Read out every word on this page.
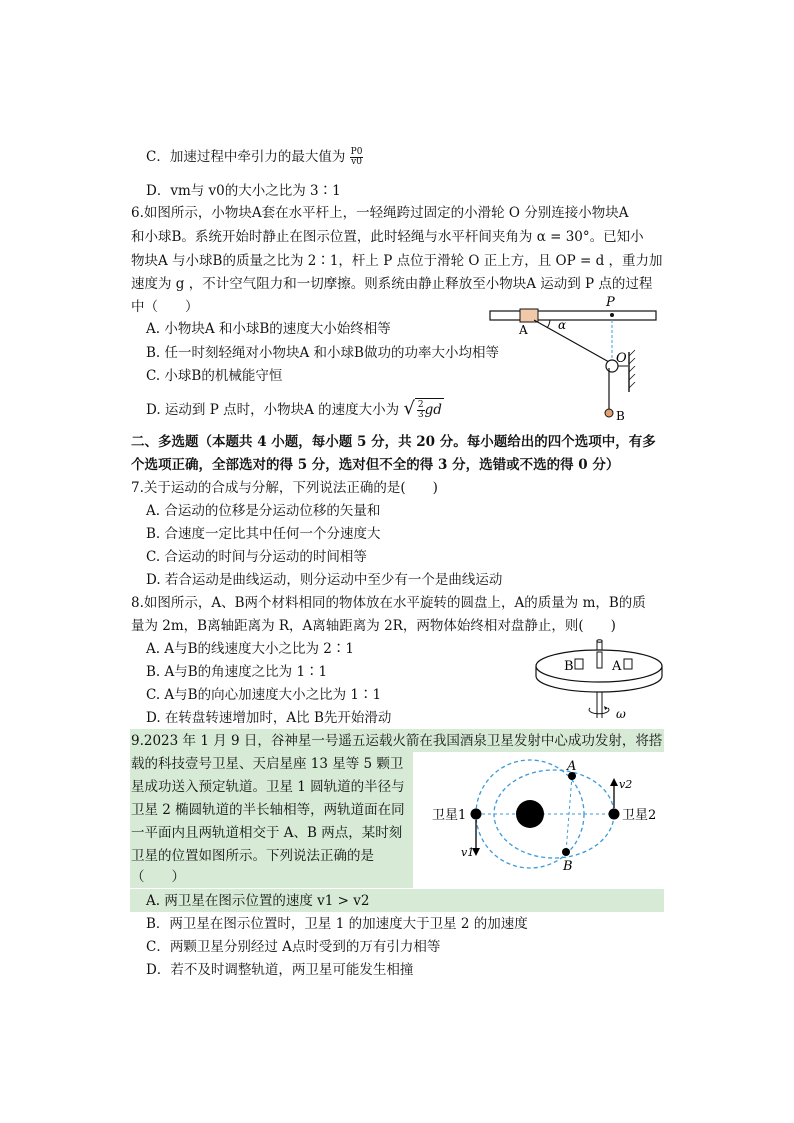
C．加速过程中牵引力的最大值为 $\frac{P0}{v0}$
D．vm与 v0的大小之比为 3∶1
6.如图所示，小物块A套在水平杆上，一轻绳跨过固定的小滑轮 O 分别连接小物块A
和小球B。系统开始时静止在图示位置，此时轻绳与水平杆间夹角为 α = 30°。已知小
物块A 与小球B的质量之比为 2∶1，杆上 P 点位于滑轮 O 正上方，且 OP = d ，重力加
速度为 g ，不计空气阻力和一切摩擦。则系统由静止释放至小物块A 运动到 P 点的过程
中（　　）
A. 小物块A 和小球B的速度大小始终相等
B. 任一时刻轻绳对小物块A 和小球B做功的功率大小均相等
C. 小球B的机械能守恒
D. 运动到 P 点时，小物块A 的速度大小为 √ $\frac{2}{3}$ gd
A	α
P
O
B
二、多选题（本题共 4 小题，每小题 5 分，共 20 分。每小题给出的四个选项中，有多
个选项正确，全部选对的得 5 分，选对但不全的得 3 分，选错或不选的得 0 分）
7.关于运动的合成与分解，下列说法正确的是(　　)
A. 合运动的位移是分运动位移的矢量和
B. 合速度一定比其中任何一个分速度大
C. 合运动的时间与分运动的时间相等
D. 若合运动是曲线运动，则分运动中至少有一个是曲线运动
8.如图所示，A、B两个材料相同的物体放在水平旋转的圆盘上，A的质量为 m，B的质
量为 2m，B离轴距离为 R，A离轴距离为 2R，两物体始终相对盘静止，则(　　)
A. A与B的线速度大小之比为 2∶1
B. A与B的角速度之比为 1∶1
C. A与B的向心加速度大小之比为 1∶1
D. 在转盘转速增加时，A比 B先开始滑动
B	A
ω
9.2023 年 1 月 9 日，谷神星一号遥五运载火箭在我国酒泉卫星发射中心成功发射，将搭
载的科技壹号卫星、天启星座 13 星等 5 颗卫
星成功送入预定轨道。卫星 1 圆轨道的半径与
卫星 2 椭圆轨道的半长轴相等，两轨道面在同
一平面内且两轨道相交于 A、B 两点，某时刻
卫星的位置如图所示。下列说法正确的是
（　　）
A. 两卫星在图示位置的速度 v1 > v2
B．两卫星在图示位置时，卫星 1 的加速度大于卫星 2 的加速度
C．两颗卫星分别经过 A点时受到的万有引力相等
D．若不及时调整轨道，两卫星可能发生相撞
卫星1	卫星2
A
B
v1
v2
